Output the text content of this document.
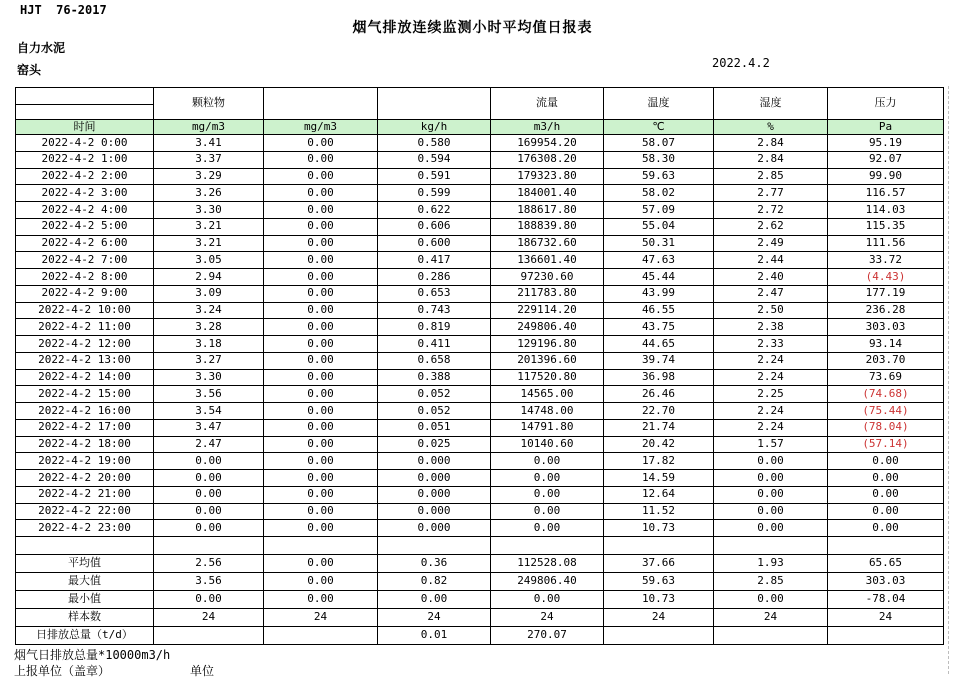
HJT  76-2017
烟气排放连续监测小时平均值日报表
自力水泥
窑头	2022.4.2
	颗粒物			流量	温度	湿度	压力

时间	mg/m3	mg/m3	kg/h	m3/h	℃	%	Pa
2022-4-2 0:00	3.41	0.00	0.580	169954.20	58.07	2.84	95.19
2022-4-2 1:00	3.37	0.00	0.594	176308.20	58.30	2.84	92.07
2022-4-2 2:00	3.29	0.00	0.591	179323.80	59.63	2.85	99.90
2022-4-2 3:00	3.26	0.00	0.599	184001.40	58.02	2.77	116.57
2022-4-2 4:00	3.30	0.00	0.622	188617.80	57.09	2.72	114.03
2022-4-2 5:00	3.21	0.00	0.606	188839.80	55.04	2.62	115.35
2022-4-2 6:00	3.21	0.00	0.600	186732.60	50.31	2.49	111.56
2022-4-2 7:00	3.05	0.00	0.417	136601.40	47.63	2.44	33.72
2022-4-2 8:00	2.94	0.00	0.286	97230.60	45.44	2.40	(4.43)
2022-4-2 9:00	3.09	0.00	0.653	211783.80	43.99	2.47	177.19
2022-4-2 10:00	3.24	0.00	0.743	229114.20	46.55	2.50	236.28
2022-4-2 11:00	3.28	0.00	0.819	249806.40	43.75	2.38	303.03
2022-4-2 12:00	3.18	0.00	0.411	129196.80	44.65	2.33	93.14
2022-4-2 13:00	3.27	0.00	0.658	201396.60	39.74	2.24	203.70
2022-4-2 14:00	3.30	0.00	0.388	117520.80	36.98	2.24	73.69
2022-4-2 15:00	3.56	0.00	0.052	14565.00	26.46	2.25	(74.68)
2022-4-2 16:00	3.54	0.00	0.052	14748.00	22.70	2.24	(75.44)
2022-4-2 17:00	3.47	0.00	0.051	14791.80	21.74	2.24	(78.04)
2022-4-2 18:00	2.47	0.00	0.025	10140.60	20.42	1.57	(57.14)
2022-4-2 19:00	0.00	0.00	0.000	0.00	17.82	0.00	0.00
2022-4-2 20:00	0.00	0.00	0.000	0.00	14.59	0.00	0.00
2022-4-2 21:00	0.00	0.00	0.000	0.00	12.64	0.00	0.00
2022-4-2 22:00	0.00	0.00	0.000	0.00	11.52	0.00	0.00
2022-4-2 23:00	0.00	0.00	0.000	0.00	10.73	0.00	0.00

平均值	2.56	0.00	0.36	112528.08	37.66	1.93	65.65
最大值	3.56	0.00	0.82	249806.40	59.63	2.85	303.03
最小值	0.00	0.00	0.00	0.00	10.73	0.00	-78.04
样本数	24	24	24	24	24	24	24
日排放总量（t/d）			0.01	270.07			
烟气日排放总量*10000m3/h
上报单位（盖章）	单位
